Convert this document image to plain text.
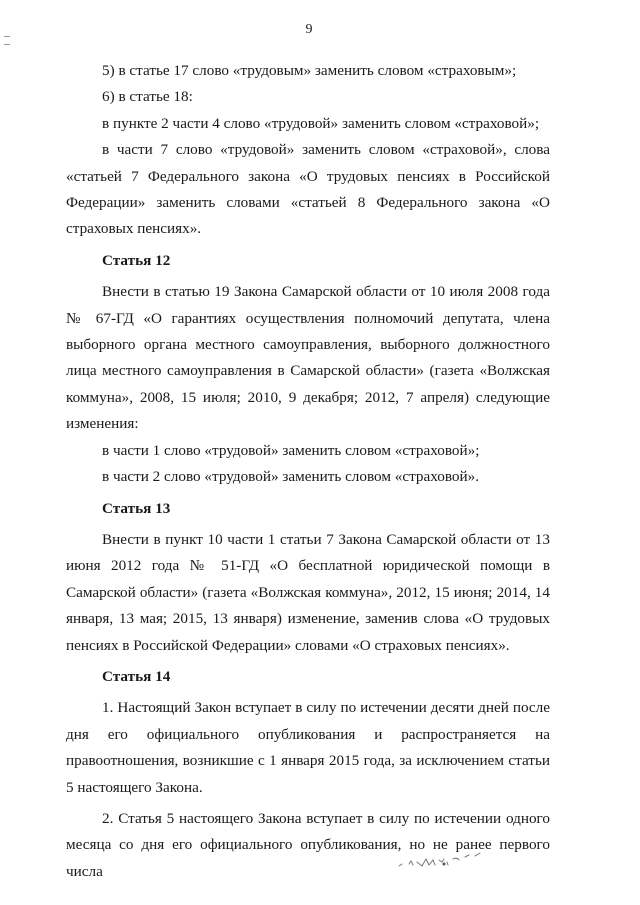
9

5) в статье 17 слово «трудовым» заменить словом «страховым»;

6) в статье 18:

в пункте 2 части 4 слово «трудовой» заменить словом «страховой»;

в части 7 слово «трудовой» заменить словом «страховой», слова «статьей 7 Федерального закона «О трудовых пенсиях в Российской Федерации» заменить словами «статьей 8 Федерального закона «О страховых пенсиях».

Статья 12

Внести в статью 19 Закона Самарской области от 10 июля 2008 года № 67-ГД «О гарантиях осуществления полномочий депутата, члена выборного органа местного самоуправления, выборного должностного лица местного самоуправления в Самарской области» (газета «Волжская коммуна», 2008, 15 июля; 2010, 9 декабря; 2012, 7 апреля) следующие изменения:

в части 1 слово «трудовой» заменить словом «страховой»;

в части 2 слово «трудовой» заменить словом «страховой».

Статья 13

Внести в пункт 10 части 1 статьи 7 Закона Самарской области от 13 июня 2012 года № 51-ГД «О бесплатной юридической помощи в Самарской области» (газета «Волжская коммуна», 2012, 15 июня; 2014, 14 января, 13 мая; 2015, 13 января) изменение, заменив слова «О трудовых пенсиях в Российской Федерации» словами «О страховых пенсиях».

Статья 14

1. Настоящий Закон вступает в силу по истечении десяти дней после дня его официального опубликования и распространяется на правоотношения, возникшие с 1 января 2015 года, за исключением статьи 5 настоящего Закона.

2. Статья 5 настоящего Закона вступает в силу по истечении одного месяца со дня его официального опубликования, но не ранее первого числа
